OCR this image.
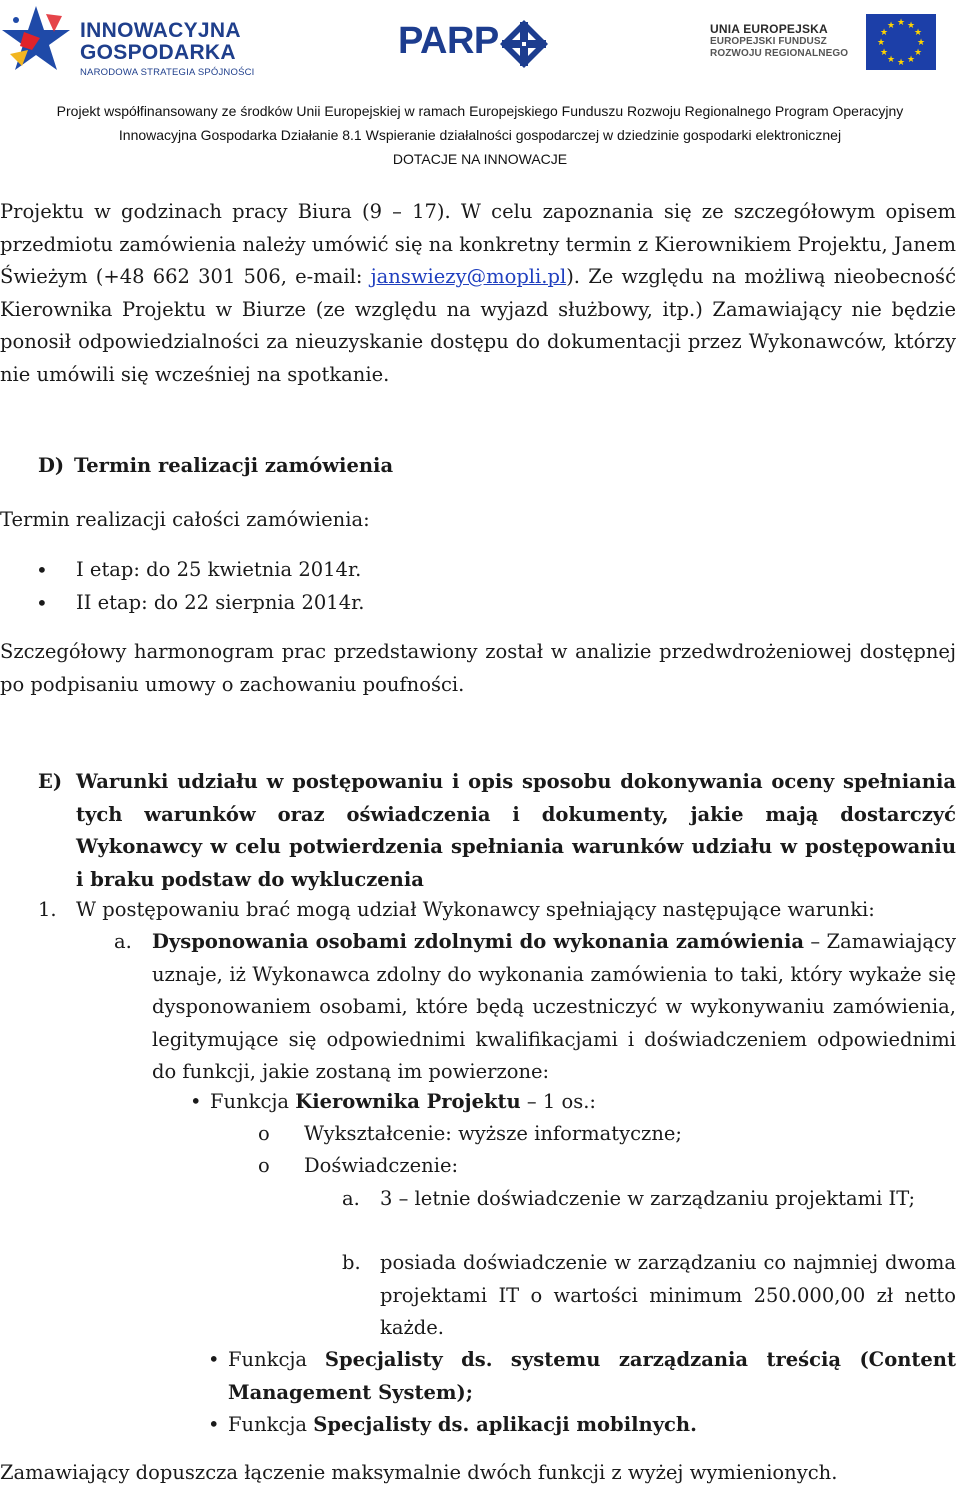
INNOWACYJNA
GOSPODARKA
NARODOWA STRATEGIA SPÓJNOŚCI
PARP	UNIA EUROPEJSKA
EUROPEJSKI FUNDUSZ
ROZWOJU REGIONALNEGO
★ ★
★
★
★
★
★
★
★
★
★
★
Projekt współfinansowany ze środków Unii Europejskiej w ramach Europejskiego Funduszu Rozwoju Regionalnego Program Operacyjny
Innowacyjna Gospodarka Działanie 8.1 Wspieranie działalności gospodarczej w dziedzinie gospodarki elektronicznej
DOTACJE NA INNOWACJE

Projektu w godzinach pracy Biura (9 – 17). W celu zapoznania się ze szczegółowym opisem przedmiotu zamówienia należy umówić się na konkretny termin z Kierownikiem Projektu, Janem Świeżym (+48 662 301 506, e-mail: janswiezy@mopli.pl). Ze względu na możliwą nieobecność Kierownika Projektu w Biurze (ze względu na wyjazd służbowy, itp.) Zamawiający nie będzie ponosił odpowiedzialności za nieuzyskanie dostępu do dokumentacji przez Wykonawców, którzy nie umówili się wcześniej na spotkanie.

D) Termin realizacji zamówienia
Termin realizacji całości zamówienia:
• I etap: do 25 kwietnia 2014r.
• II etap: do 22 sierpnia 2014r.

Szczegółowy harmonogram prac przedstawiony został w analizie przedwdrożeniowej dostępnej po podpisaniu umowy o zachowaniu poufności.

E) Warunki udziału w postępowaniu i opis sposobu dokonywania oceny spełniania tych warunków oraz oświadczenia i dokumenty, jakie mają dostarczyć Wykonawcy w celu potwierdzenia spełniania warunków udziału w postępowaniu i braku podstaw do wykluczenia
1. W postępowaniu brać mogą udział Wykonawcy spełniający następujące warunki:
a. Dysponowania osobami zdolnymi do wykonania zamówienia – Zamawiający uznaje, iż Wykonawca zdolny do wykonania zamówienia to taki, który wykaże się dysponowaniem osobami, które będą uczestniczyć w wykonywaniu zamówienia, legitymujące się odpowiednimi kwalifikacjami i doświadczeniem odpowiednimi do funkcji, jakie zostaną im powierzone:

• Funkcja Kierownika Projektu – 1 os.:
o Wykształcenie: wyższe informatyczne;
o Doświadczenie:
a. 3 – letnie doświadczenie w zarządzaniu projektami IT;

b. posiada doświadczenie w zarządzaniu co najmniej dwoma projektami IT o wartości minimum 250.000,00 zł netto każde.

• Funkcja Specjalisty ds. systemu zarządzania treścią (Content Management System);
• Funkcja Specjalisty ds. aplikacji mobilnych.
Zamawiający dopuszcza łączenie maksymalnie dwóch funkcji z wyżej wymienionych.
